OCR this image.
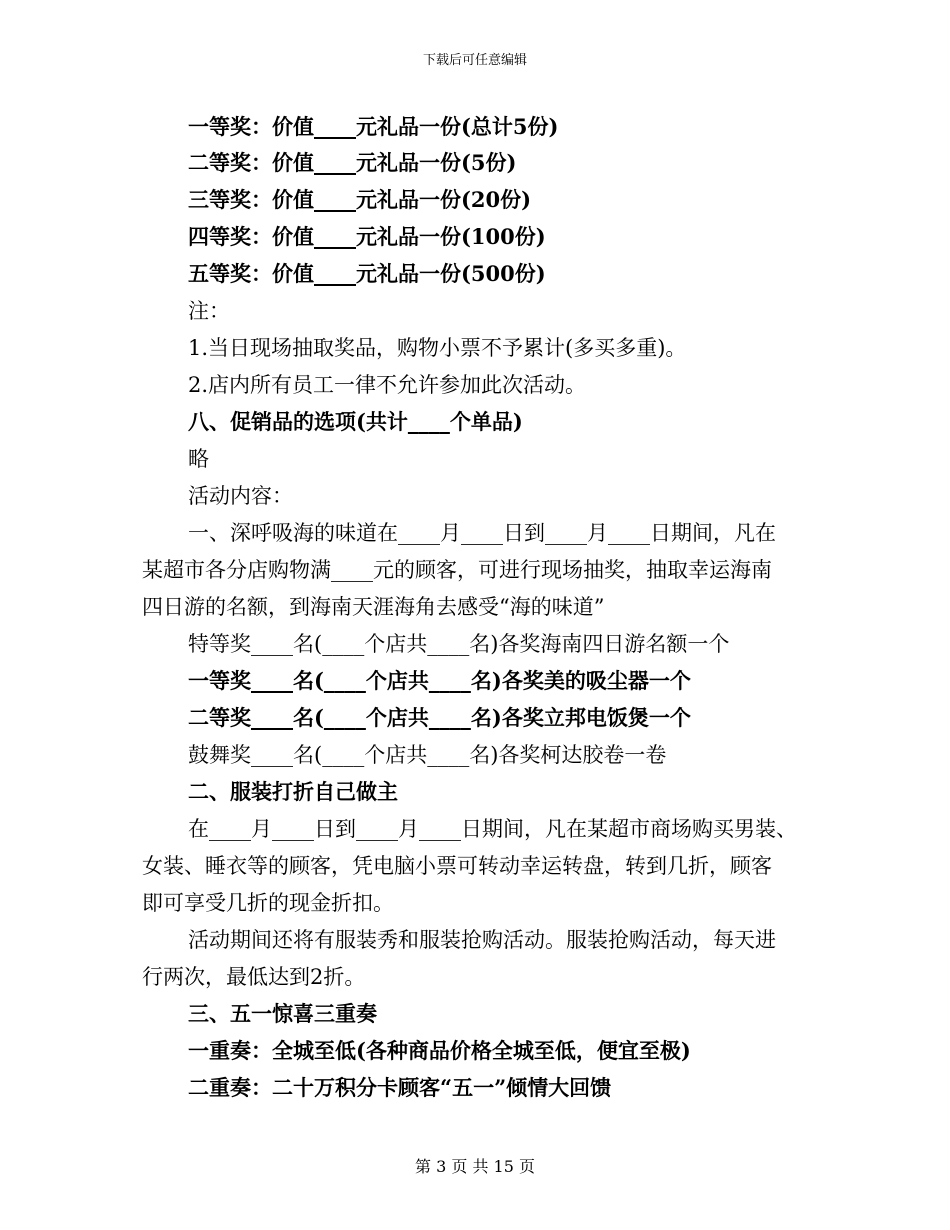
下载后可任意编辑
一等奖：价值____元礼品一份(总计5份)
二等奖：价值____元礼品一份(5份)
三等奖：价值____元礼品一份(20份)
四等奖：价值____元礼品一份(100份)
五等奖：价值____元礼品一份(500份)
注：
1.当日现场抽取奖品，购物小票不予累计(多买多重)。
2.店内所有员工一律不允许参加此次活动。
八、促销品的选项(共计____个单品)
略
活动内容：
一、深呼吸海的味道在____月____日到____月____日期间，凡在
某超市各分店购物满____元的顾客，可进行现场抽奖，抽取幸运海南
四日游的名额，到海南天涯海角去感受“海的味道”
特等奖____名(____个店共____名)各奖海南四日游名额一个
一等奖____名(____个店共____名)各奖美的吸尘器一个
二等奖____名(____个店共____名)各奖立邦电饭煲一个
鼓舞奖____名(____个店共____名)各奖柯达胶卷一卷
二、服装打折自己做主
在____月____日到____月____日期间，凡在某超市商场购买男装、
女装、睡衣等的顾客，凭电脑小票可转动幸运转盘，转到几折，顾客
即可享受几折的现金折扣。
活动期间还将有服装秀和服装抢购活动。服装抢购活动，每天进
行两次，最低达到2折。
三、五一惊喜三重奏
一重奏：全城至低(各种商品价格全城至低，便宜至极)
二重奏：二十万积分卡顾客“五一”倾情大回馈
第 3 页 共 15 页
